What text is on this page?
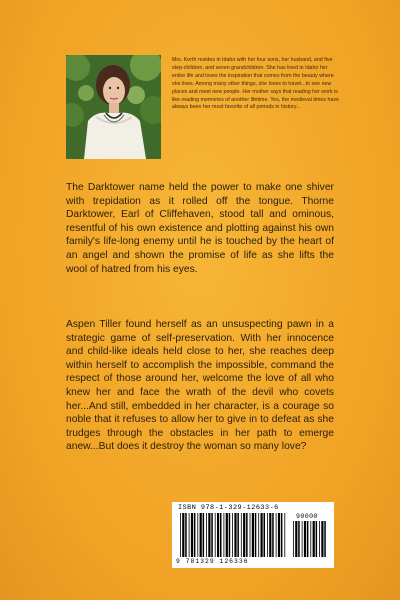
Mrs. Korth resides in Idaho with her four sons, her husband, and five step-children, and seven grandchildren. She has lived in Idaho her entire life and loves the inspiration that comes from the beauty where she lives. Among many other things, she loves to travel...to see new places and meet new people. Her mother says that reading her work is like reading memories of another lifetime. Yes, the medieval times have always been her most favorite of all periods in history...

The Darktower name held the power to make one shiver with trepidation as it rolled off the tongue. Thorne Darktower, Earl of Cliffehaven, stood tall and ominous, resentful of his own existence and plotting against his own family's life-long enemy until he is touched by the heart of an angel and shown the promise of life as she lifts the wool of hatred from his eyes.

Aspen Tiller found herself as an unsuspecting pawn in a strategic game of self-preservation. With her innocence and child-like ideals held close to her, she reaches deep within herself to accomplish the impossible, command the respect of those around her, welcome the love of all who knew her and face the wrath of the devil who covets her...And still, embedded in her character, is a courage so noble that it refuses to allow her to give in to defeat as she trudges through the obstacles in her path to emerge anew...But does it destroy the woman so many love?

ISBN 978-1-329-12633-6
90000
9 781329 126336
